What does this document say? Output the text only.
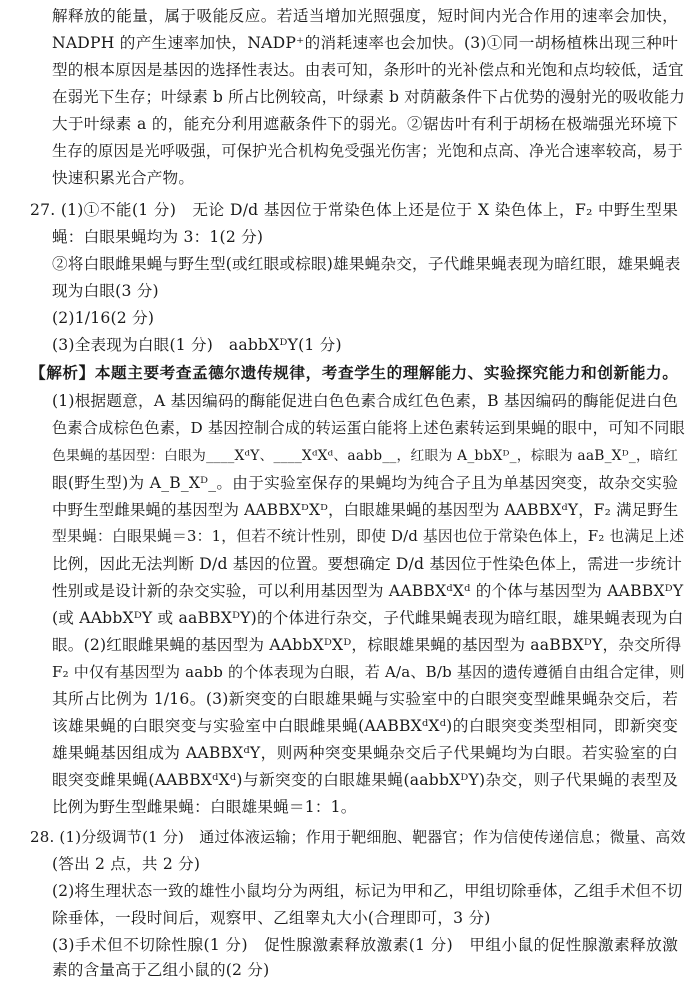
解释放的能量，属于吸能反应。若适当增加光照强度，短时间内光合作用的速率会加快，
NADPH 的产生速率加快，NADP⁺的消耗速率也会加快。(3)①同一胡杨植株出现三种叶
型的根本原因是基因的选择性表达。由表可知，条形叶的光补偿点和光饱和点均较低，适宜
在弱光下生存；叶绿素 b 所占比例较高，叶绿素 b 对荫蔽条件下占优势的漫射光的吸收能力
大于叶绿素 a 的，能充分利用遮蔽条件下的弱光。②锯齿叶有利于胡杨在极端强光环境下
生存的原因是光呼吸强，可保护光合机构免受强光伤害；光饱和点高、净光合速率较高，易于
快速积累光合产物。
27. (1)①不能(1 分)　无论 D/d 基因位于常染色体上还是位于 X 染色体上，F₂ 中野生型果
蝇：白眼果蝇均为 3：1(2 分)
②将白眼雌果蝇与野生型(或红眼或棕眼)雄果蝇杂交，子代雌果蝇表现为暗红眼，雄果蝇表
现为白眼(3 分)
(2)1/16(2 分)
(3)全表现为白眼(1 分)　aabbXᴰY(1 分)
【解析】本题主要考查孟德尔遗传规律，考查学生的理解能力、实验探究能力和创新能力。
(1)根据题意，A 基因编码的酶能促进白色色素合成红色色素，B 基因编码的酶能促进白色
色素合成棕色色素，D 基因控制合成的转运蛋白能将上述色素转运到果蝇的眼中，可知不同眼
色果蝇的基因型：白眼为____XᵈY、____XᵈXᵈ、aabb__，红眼为 A_bbXᴰ_，棕眼为 aaB_Xᴰ_，暗红
眼(野生型)为 A_B_Xᴰ_。由于实验室保存的果蝇均为纯合子且为单基因突变，故杂交实验
中野生型雌果蝇的基因型为 AABBXᴰXᴰ，白眼雄果蝇的基因型为 AABBXᵈY，F₂ 满足野生
型果蝇：白眼果蝇＝3：1，但若不统计性别，即使 D/d 基因也位于常染色体上，F₂ 也满足上述
比例，因此无法判断 D/d 基因的位置。要想确定 D/d 基因位于性染色体上，需进一步统计
性别或是设计新的杂交实验，可以利用基因型为 AABBXᵈXᵈ 的个体与基因型为 AABBXᴰY
(或 AAbbXᴰY 或 aaBBXᴰY)的个体进行杂交，子代雌果蝇表现为暗红眼，雄果蝇表现为白
眼。(2)红眼雌果蝇的基因型为 AAbbXᴰXᴰ，棕眼雄果蝇的基因型为 aaBBXᴰY，杂交所得
F₂ 中仅有基因型为 aabb 的个体表现为白眼，若 A/a、B/b 基因的遗传遵循自由组合定律，则
其所占比例为 1/16。(3)新突变的白眼雄果蝇与实验室中的白眼突变型雌果蝇杂交后，若
该雄果蝇的白眼突变与实验室中白眼雌果蝇(AABBXᵈXᵈ)的白眼突变类型相同，即新突变
雄果蝇基因组成为 AABBXᵈY，则两种突变果蝇杂交后子代果蝇均为白眼。若实验室的白
眼突变雌果蝇(AABBXᵈXᵈ)与新突变的白眼雄果蝇(aabbXᴰY)杂交，则子代果蝇的表型及
比例为野生型雌果蝇：白眼雄果蝇＝1：1。
28. (1)分级调节(1 分)　通过体液运输；作用于靶细胞、靶器官；作为信使传递信息；微量、高效
(答出 2 点，共 2 分)
(2)将生理状态一致的雄性小鼠均分为两组，标记为甲和乙，甲组切除垂体，乙组手术但不切
除垂体，一段时间后，观察甲、乙组睾丸大小(合理即可，3 分)
(3)手术但不切除性腺(1 分)　促性腺激素释放激素(1 分)　甲组小鼠的促性腺激素释放激
素的含量高于乙组小鼠的(2 分)
